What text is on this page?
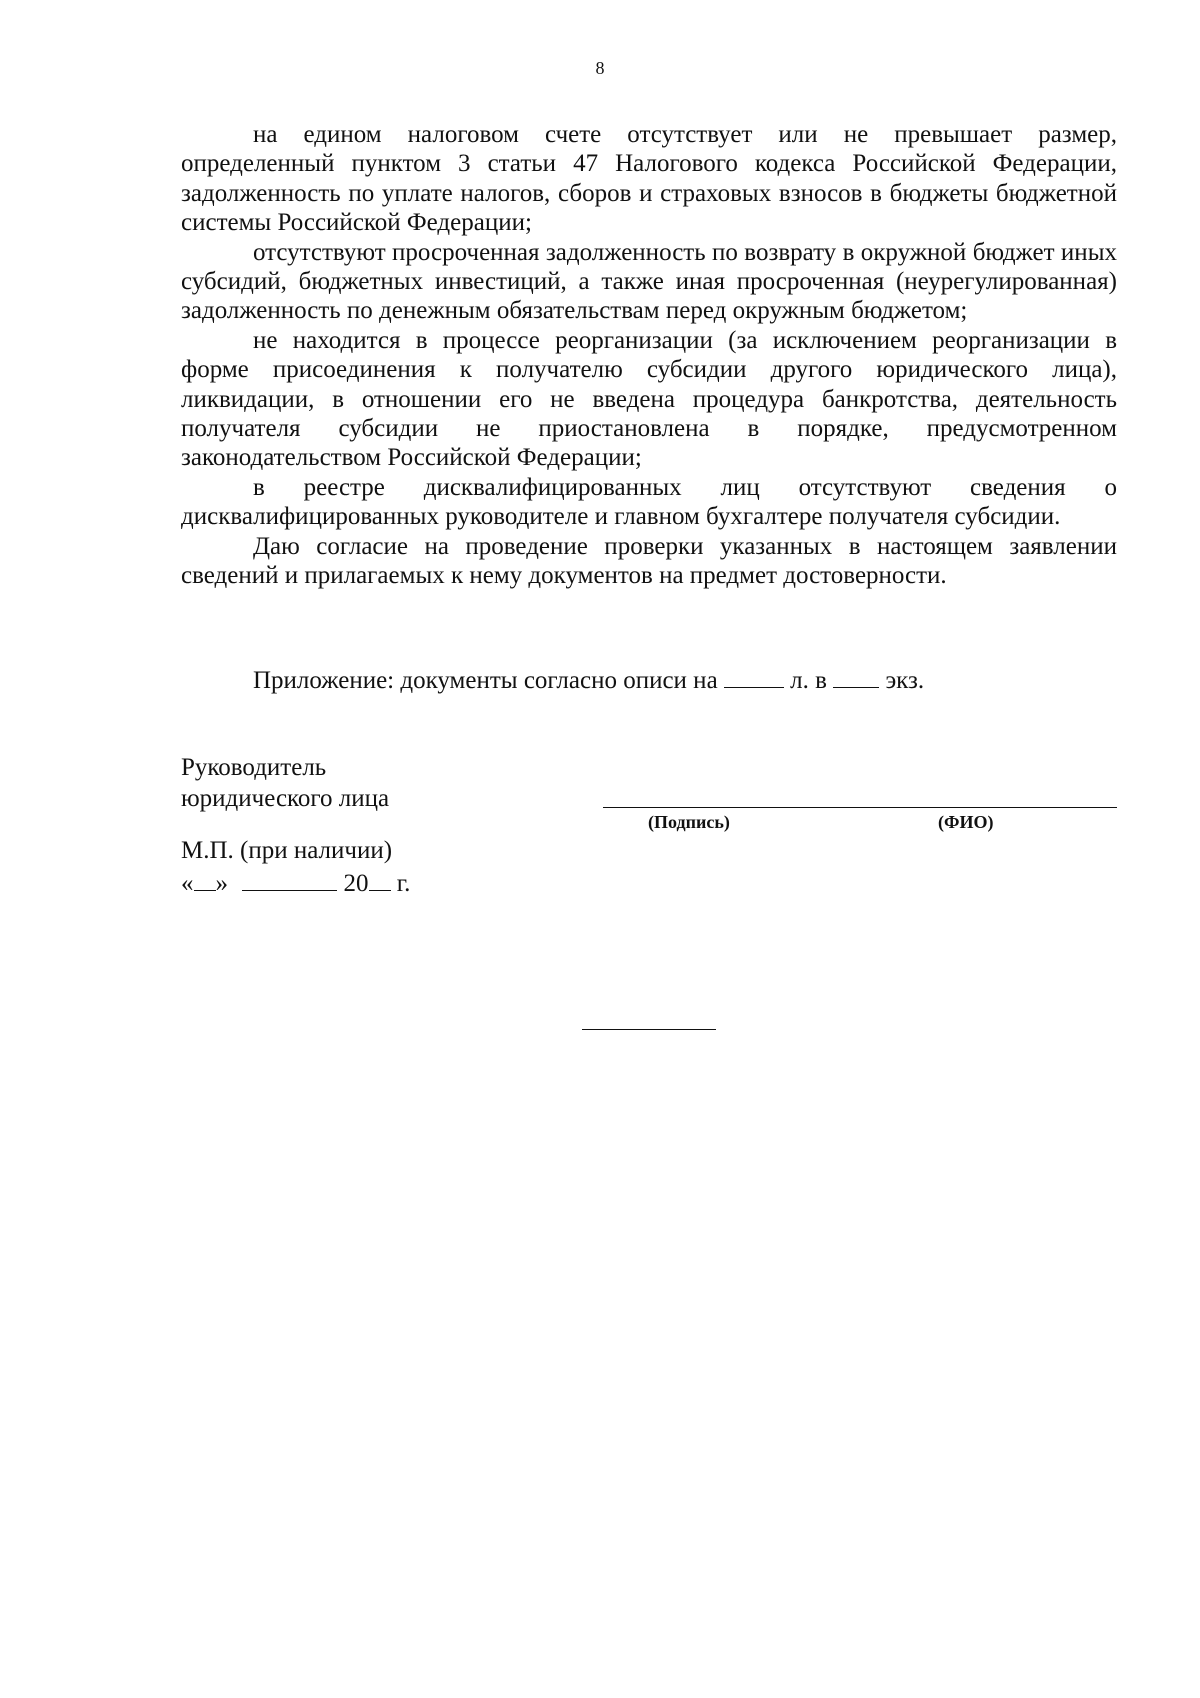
8

на едином налоговом счете отсутствует или не превышает размер, определенный пунктом 3 статьи 47 Налогового кодекса Российской Федерации, задолженность по уплате налогов, сборов и страховых взносов в бюджеты бюджетной системы Российской Федерации;

отсутствуют просроченная задолженность по возврату в окружной бюджет иных субсидий, бюджетных инвестиций, а также иная просроченная (неурегулированная) задолженность по денежным обязательствам перед окружным бюджетом;

не находится в процессе реорганизации (за исключением реорганизации в форме присоединения к получателю субсидии другого юридического лица), ликвидации, в отношении его не введена процедура банкротства, деятельность получателя субсидии не приостановлена в порядке, предусмотренном законодательством Российской Федерации;

в реестре дисквалифицированных лиц отсутствуют сведения о дисквалифицированных руководителе и главном бухгалтере получателя субсидии.

Даю согласие на проведение проверки указанных в настоящем заявлении сведений и прилагаемых к нему документов на предмет достоверности.

Приложение: документы согласно описи на	л. в экз.
Руководитель
юридического лица
(Подпись)	(ФИО)
М.П. (при наличии)
« »	20 г.
